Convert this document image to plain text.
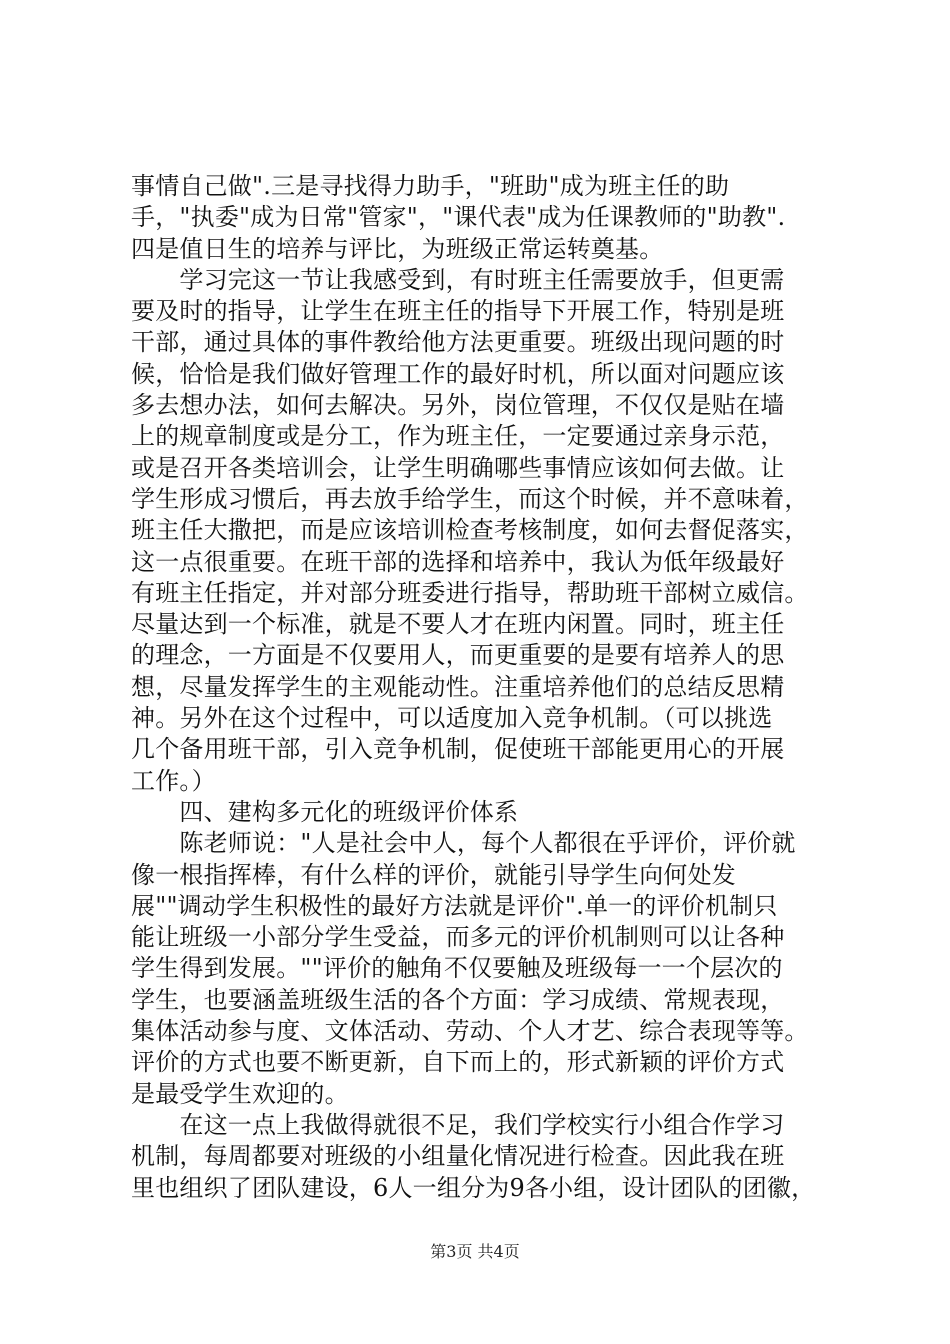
事情自己做".三是寻找得力助手，"班助"成为班主任的助
手，"执委"成为日常"管家"，"课代表"成为任课教师的"助教".
四是值日生的培养与评比，为班级正常运转奠基。
　　学习完这一节让我感受到，有时班主任需要放手，但更需
要及时的指导，让学生在班主任的指导下开展工作，特别是班
干部，通过具体的事件教给他方法更重要。班级出现问题的时
候，恰恰是我们做好管理工作的最好时机，所以面对问题应该
多去想办法，如何去解决。另外，岗位管理，不仅仅是贴在墙
上的规章制度或是分工，作为班主任，一定要通过亲身示范，
或是召开各类培训会，让学生明确哪些事情应该如何去做。让
学生形成习惯后，再去放手给学生，而这个时候，并不意味着，
班主任大撒把，而是应该培训检查考核制度，如何去督促落实，
这一点很重要。在班干部的选择和培养中，我认为低年级最好
有班主任指定，并对部分班委进行指导，帮助班干部树立威信。
尽量达到一个标准，就是不要人才在班内闲置。同时，班主任
的理念，一方面是不仅要用人，而更重要的是要有培养人的思
想，尽量发挥学生的主观能动性。注重培养他们的总结反思精
神。另外在这个过程中，可以适度加入竞争机制。（可以挑选
几个备用班干部，引入竞争机制，促使班干部能更用心的开展
工作。）
　　四、建构多元化的班级评价体系
　　陈老师说："人是社会中人，每个人都很在乎评价，评价就
像一根指挥棒，有什么样的评价，就能引导学生向何处发
展""调动学生积极性的最好方法就是评价".单一的评价机制只
能让班级一小部分学生受益，而多元的评价机制则可以让各种
学生得到发展。""评价的触角不仅要触及班级每一一个层次的
学生，也要涵盖班级生活的各个方面：学习成绩、常规表现，
集体活动参与度、文体活动、劳动、个人才艺、综合表现等等。
评价的方式也要不断更新，自下而上的，形式新颖的评价方式
是最受学生欢迎的。
　　在这一点上我做得就很不足，我们学校实行小组合作学习
机制，每周都要对班级的小组量化情况进行检查。因此我在班
里也组织了团队建设，6人一组分为9各小组，设计团队的团徽，
第3页 共4页
